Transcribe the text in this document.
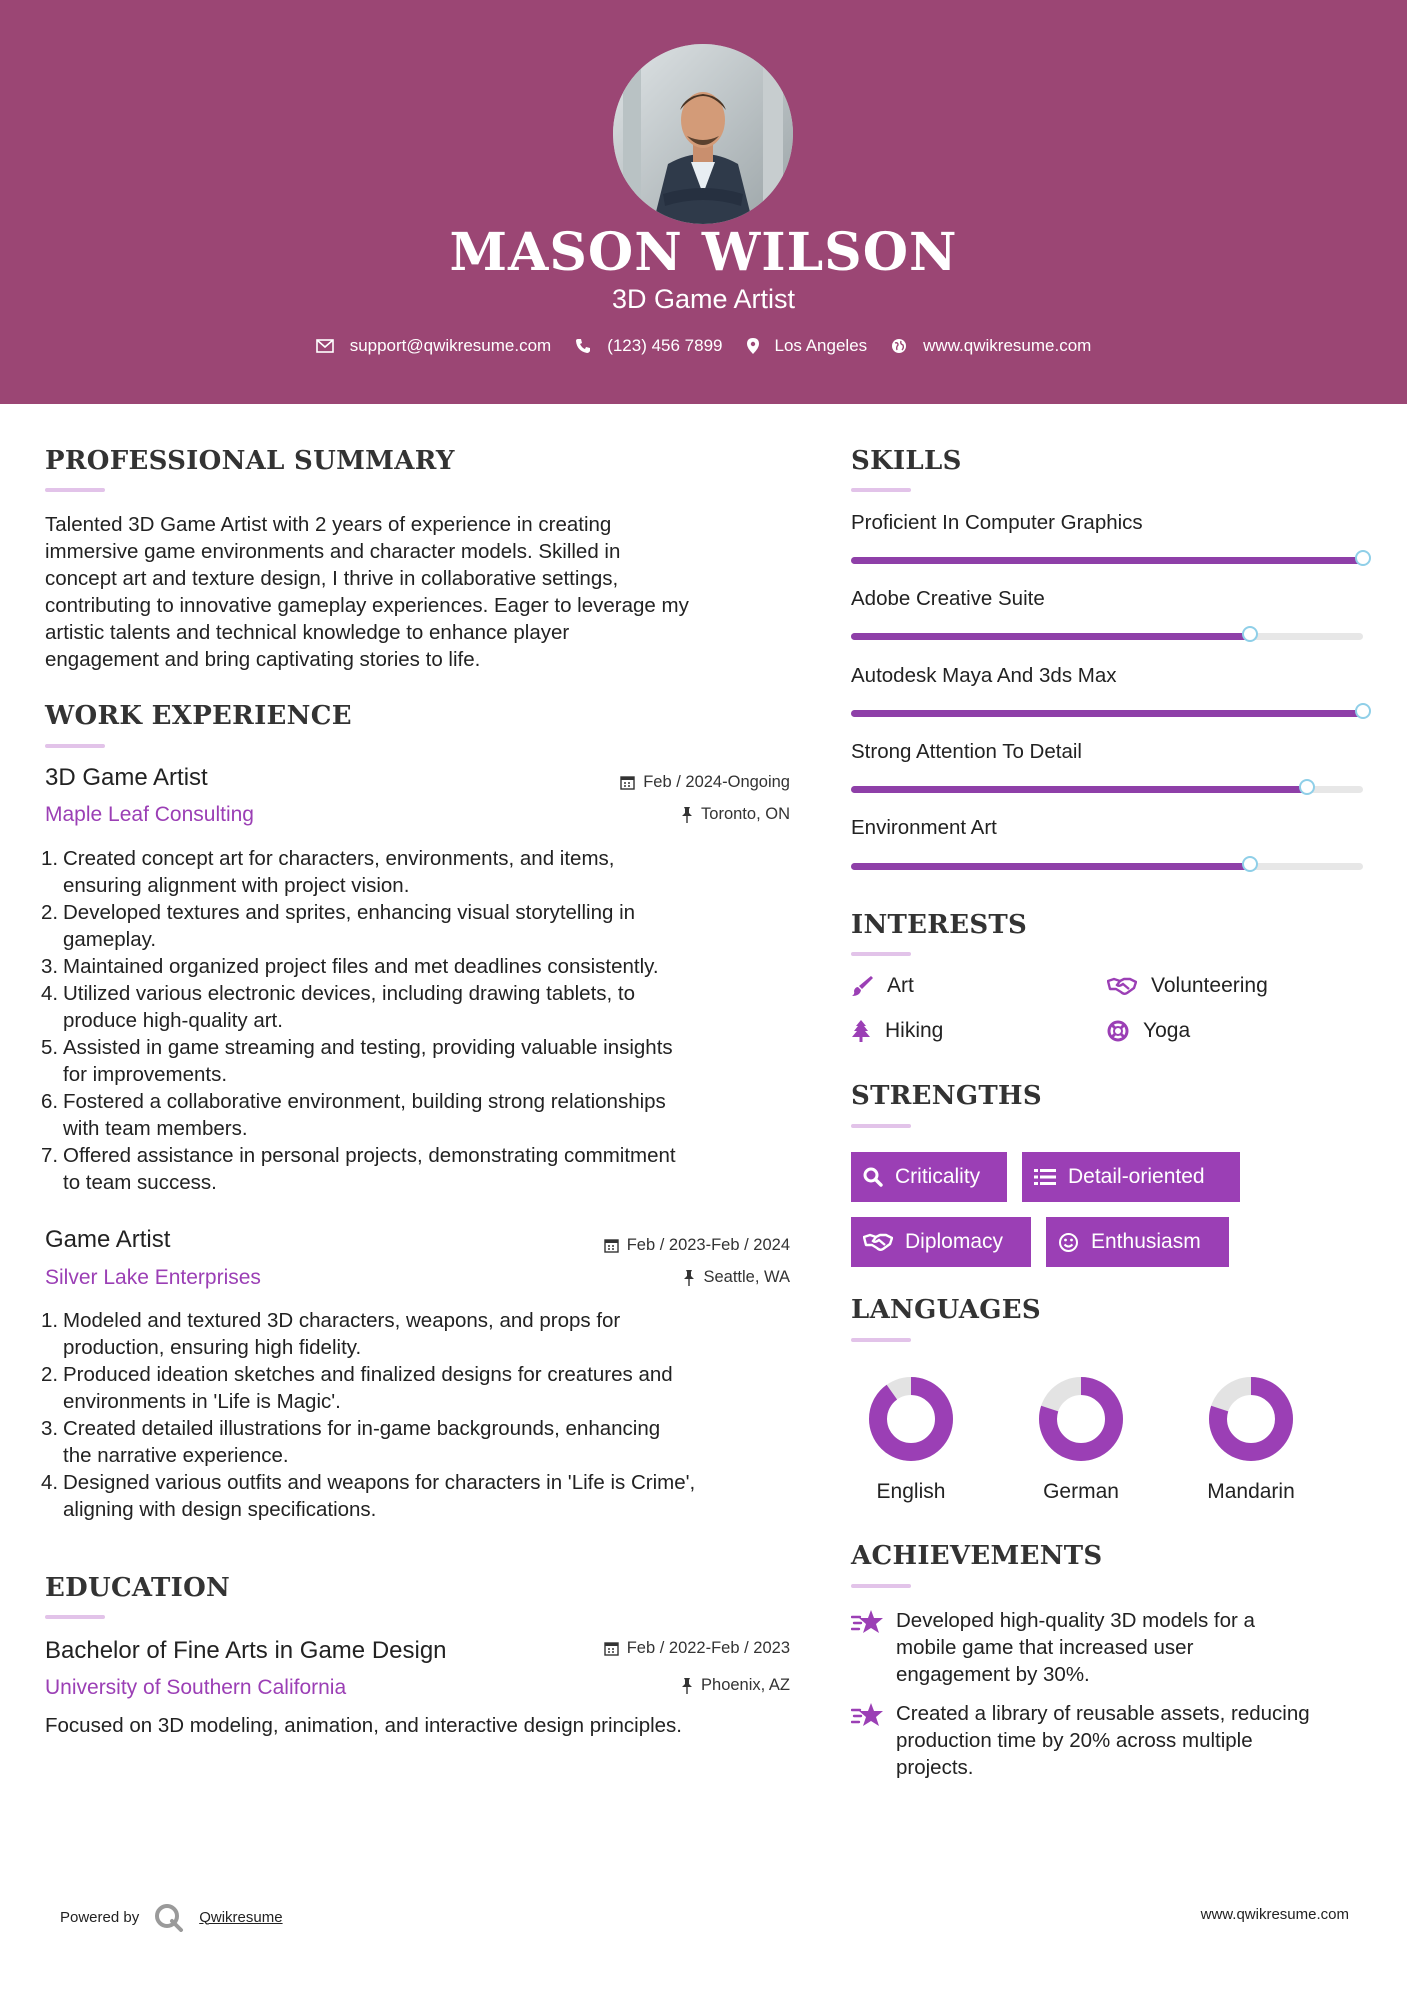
MASON WILSON
3D Game Artist
support@qwikresume.com	(123) 456 7899	Los Angeles	www.qwikresume.com
PROFESSIONAL SUMMARY
Talented 3D Game Artist with 2 years of experience in creating
immersive game environments and character models. Skilled in
concept art and texture design, I thrive in collaborative settings,
contributing to innovative gameplay experiences. Eager to leverage my
artistic talents and technical knowledge to enhance player
engagement and bring captivating stories to life.
WORK EXPERIENCE
3D Game Artist	Feb / 2024-Ongoing
Maple Leaf Consulting	Toronto, ON
1. Created concept art for characters, environments, and items,
ensuring alignment with project vision.
2. Developed textures and sprites, enhancing visual storytelling in
gameplay.
3. Maintained organized project files and met deadlines consistently.
4. Utilized various electronic devices, including drawing tablets, to
produce high-quality art.
5. Assisted in game streaming and testing, providing valuable insights
for improvements.
6. Fostered a collaborative environment, building strong relationships
with team members.
7. Offered assistance in personal projects, demonstrating commitment
to team success.
Game Artist	Feb / 2023-Feb / 2024
Silver Lake Enterprises	Seattle, WA
1. Modeled and textured 3D characters, weapons, and props for
production, ensuring high fidelity.
2. Produced ideation sketches and finalized designs for creatures and
environments in 'Life is Magic'.
3. Created detailed illustrations for in-game backgrounds, enhancing
the narrative experience.
4. Designed various outfits and weapons for characters in 'Life is Crime',
aligning with design specifications.
EDUCATION
Bachelor of Fine Arts in Game Design	Feb / 2022-Feb / 2023
University of Southern California	Phoenix, AZ
Focused on 3D modeling, animation, and interactive design principles.
SKILLS
Proficient In Computer Graphics
Adobe Creative Suite
Autodesk Maya And 3ds Max
Strong Attention To Detail
Environment Art
INTERESTS
Art	Volunteering
Hiking	Yoga
STRENGTHS
Criticality	Detail-oriented
Diplomacy	Enthusiasm
LANGUAGES
English	German	Mandarin
ACHIEVEMENTS
Developed high-quality 3D models for a
mobile game that increased user
engagement by 30%.
Created a library of reusable assets, reducing
production time by 20% across multiple
projects.
Powered by	Qwikresume	www.qwikresume.com
